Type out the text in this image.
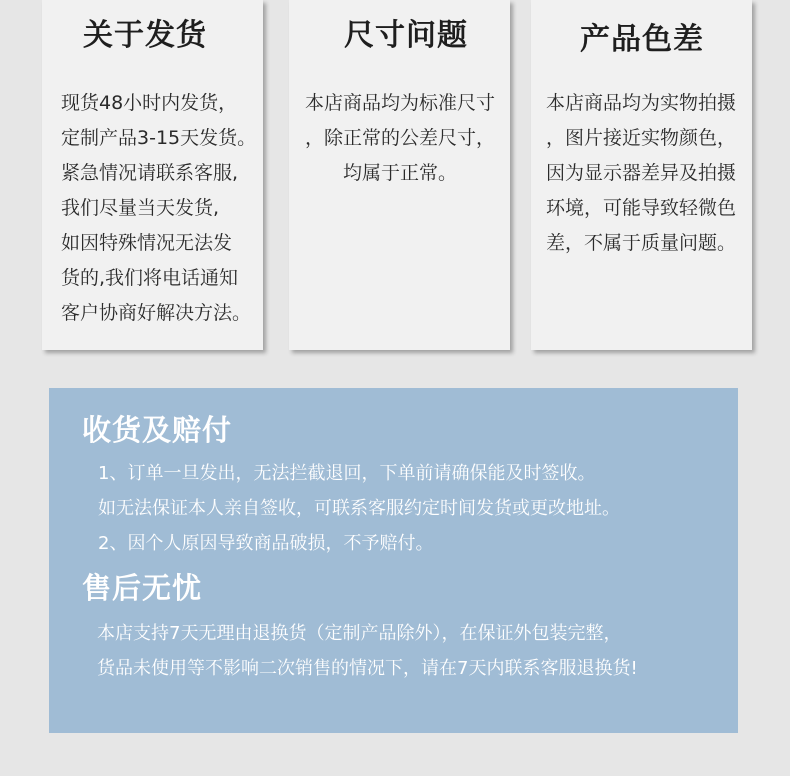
关于发货
现货48小时内发货，
定制产品3-15天发货。
紧急情况请联系客服,
我们尽量当天发货,
如因特殊情况无法发
货的,我们将电话通知
客户协商好解决方法。
尺寸问题
本店商品均为标准尺寸
，除正常的公差尺寸，
均属于正常。
产品色差
本店商品均为实物拍摄
，图片接近实物颜色，
因为显示器差异及拍摄
环境，可能导致轻微色
差，不属于质量问题。
收货及赔付
1、订单一旦发出，无法拦截退回，下单前请确保能及时签收。
如无法保证本人亲自签收，可联系客服约定时间发货或更改地址。
2、因个人原因导致商品破损，不予赔付。
售后无忧
本店支持7天无理由退换货（定制产品除外），在保证外包装完整，
货品未使用等不影响二次销售的情况下，请在7天内联系客服退换货!
